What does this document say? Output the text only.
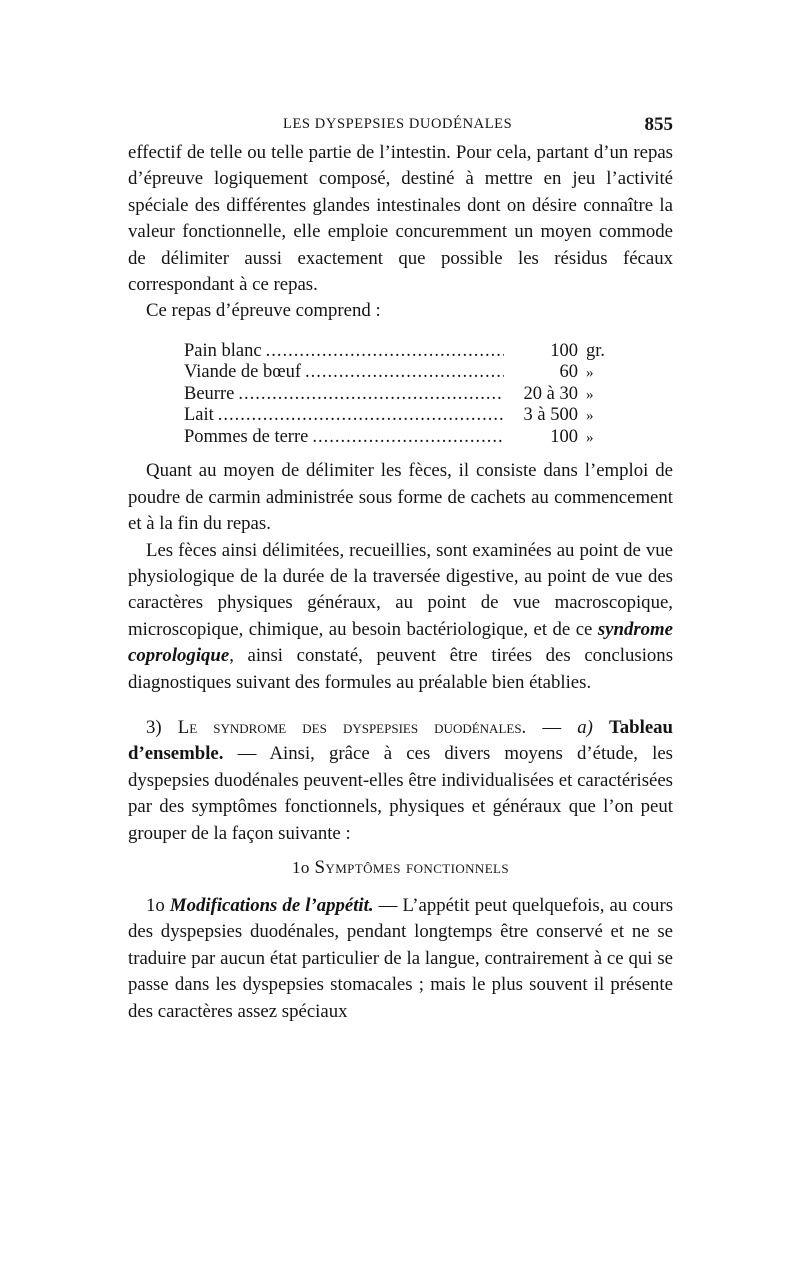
LES DYSPEPSIES DUODÉNALES	855

effectif de telle ou telle partie de l’intestin. Pour cela, partant d’un repas d’épreuve logiquement composé, destiné à mettre en jeu l’activité spéciale des différentes glandes intestinales dont on désire connaître la valeur fonctionnelle, elle emploie concuremment un moyen commode de délimiter aussi exactement que possible les résidus fécaux correspondant à ce repas.

Ce repas d’épreuve comprend :

Pain blanc .....	100 gr.
Viande de bœuf .....	60 »
Beurre .....	20 à 30 »
Lait .....	3 à 500 »
Pommes de terre .....	100 »

Quant au moyen de délimiter les fèces, il consiste dans l’emploi de poudre de carmin administrée sous forme de cachets au commencement et à la fin du repas.

Les fèces ainsi délimitées, recueillies, sont examinées au point de vue physiologique de la durée de la traversée digestive, au point de vue des caractères physiques généraux, au point de vue macroscopique, microscopique, chimique, au besoin bactériologique, et de ce syndrome coprologique, ainsi constaté, peuvent être tirées des conclusions diagnostiques suivant des formules au préalable bien établies.

3) Le syndrome des dyspepsies duodénales. — a) Tableau d’ensemble. — Ainsi, grâce à ces divers moyens d’étude, les dyspepsies duodénales peuvent-elles être individualisées et caractérisées par des symptômes fonctionnels, physiques et généraux que l’on peut grouper de la façon suivante :

1o Symptômes fonctionnels

1o Modifications de l’appétit. — L’appétit peut quelquefois, au cours des dyspepsies duodénales, pendant longtemps être conservé et ne se traduire par aucun état particulier de la langue, contrairement à ce qui se passe dans les dyspepsies stomacales ; mais le plus souvent il présente des caractères assez spéciaux
